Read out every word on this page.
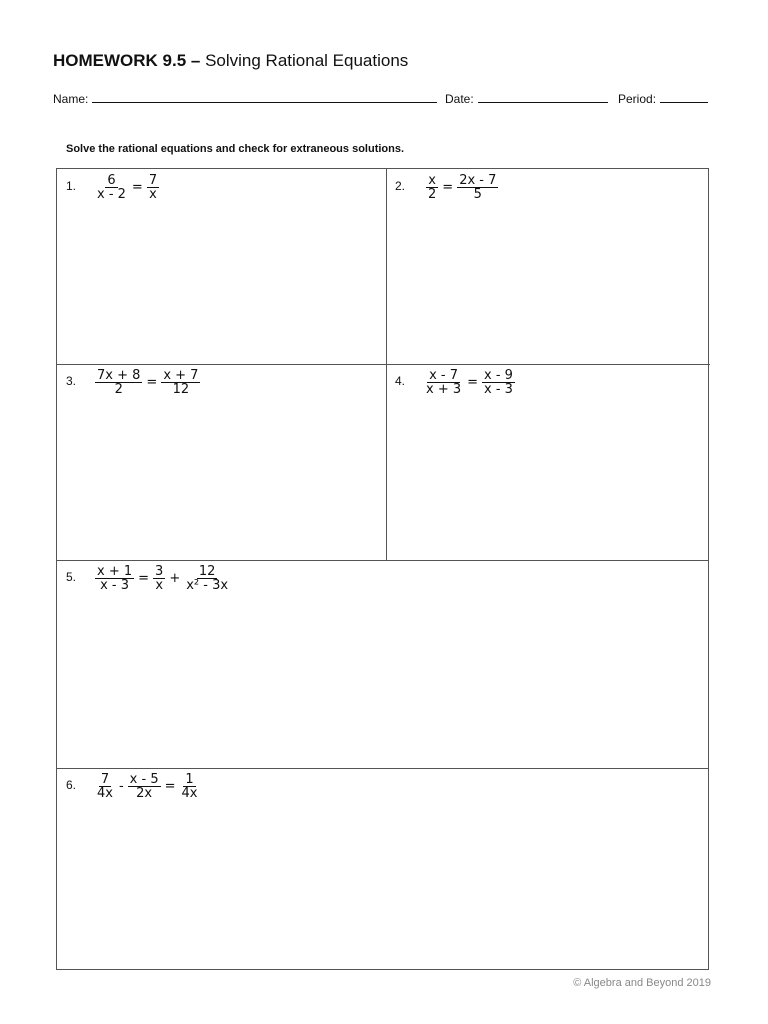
HOMEWORK 9.5 – Solving Rational Equations
Name:	Date:	Period:
Solve the rational equations and check for extraneous solutions.
1. $\frac{6}{x - 2} = \frac{7}{x}$	2. $\frac{x}{2} = \frac{2x - 7}{5}$
3. $\frac{7x + 8}{2} = \frac{x + 7}{12}$	4. $\frac{x - 7}{x + 3} = \frac{x - 9}{x - 3}$
5. $\frac{x + 1}{x - 3} = \frac{3}{x} + \frac{12}{\text{x² - 3x}}$
6. $\frac{7}{4x} - \frac{x - 5}{2x} = \frac{1}{4x}$
© Algebra and Beyond 2019
